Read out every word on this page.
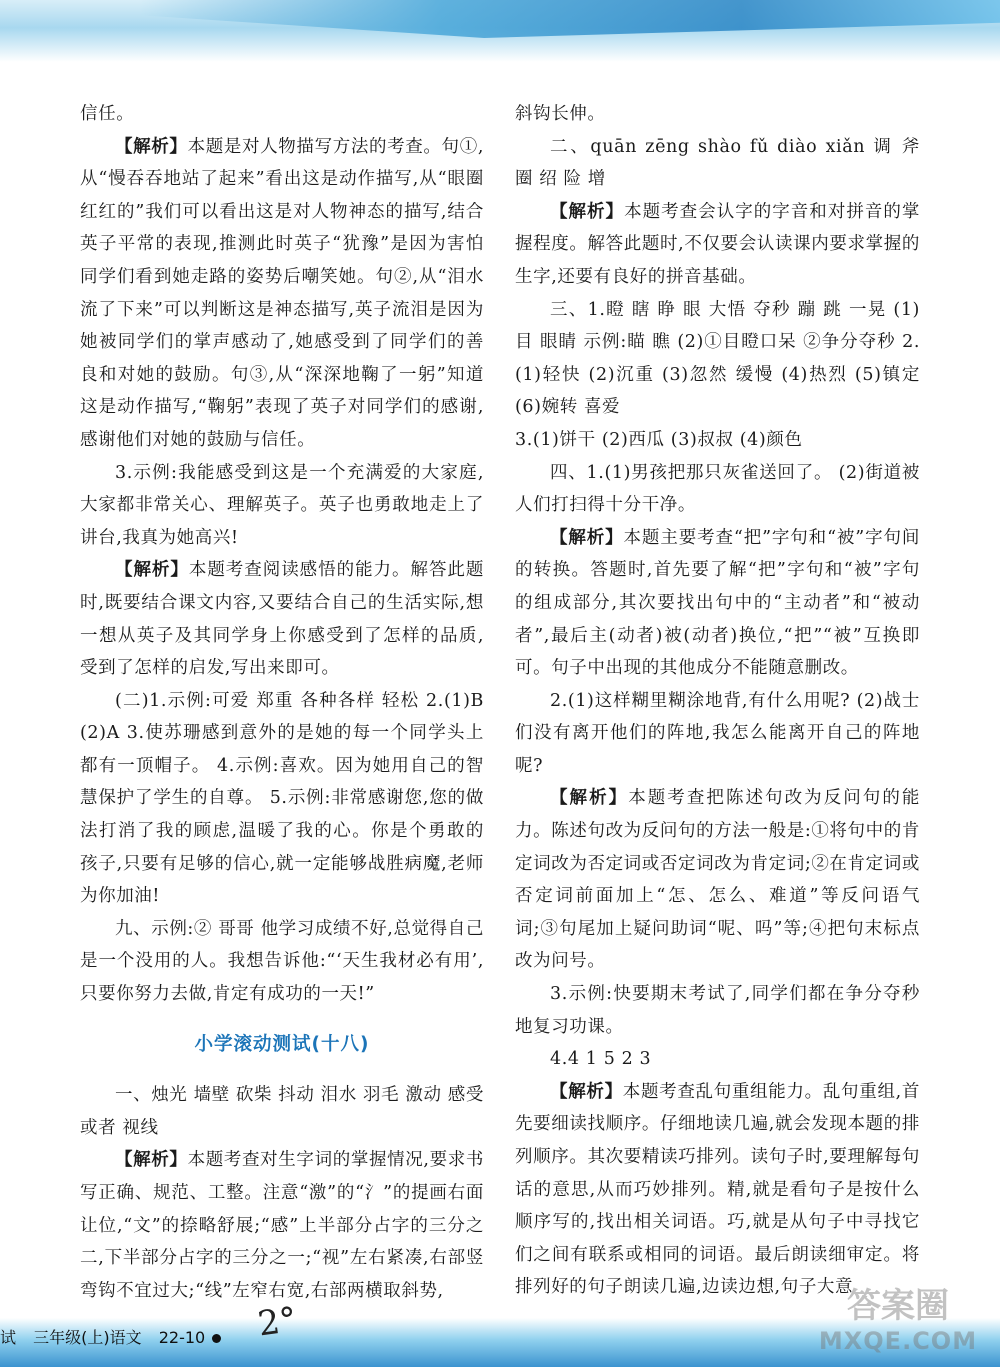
信任。

【解析】本题是对人物描写方法的考查。句①,从“慢吞吞地站了起来”看出这是动作描写,从“眼圈红红的”我们可以看出这是对人物神态的描写,结合英子平常的表现,推测此时英子“犹豫”是因为害怕同学们看到她走路的姿势后嘲笑她。句②,从“泪水流了下来”可以判断这是神态描写,英子流泪是因为她被同学们的掌声感动了,她感受到了同学们的善良和对她的鼓励。句③,从“深深地鞠了一躬”知道这是动作描写,“鞠躬”表现了英子对同学们的感谢,感谢他们对她的鼓励与信任。

3.示例:我能感受到这是一个充满爱的大家庭,大家都非常关心、理解英子。英子也勇敢地走上了讲台,我真为她高兴!

【解析】本题考查阅读感悟的能力。解答此题时,既要结合课文内容,又要结合自己的生活实际,想一想从英子及其同学身上你感受到了怎样的品质,受到了怎样的启发,写出来即可。

(二)1.示例:可爱 郑重 各种各样 轻松 2.(1)B (2)A 3.使苏珊感到意外的是她的每一个同学头上都有一顶帽子。 4.示例:喜欢。因为她用自己的智慧保护了学生的自尊。 5.示例:非常感谢您,您的做法打消了我的顾虑,温暖了我的心。你是个勇敢的孩子,只要有足够的信心,就一定能够战胜病魔,老师为你加油!

九、示例:② 哥哥 他学习成绩不好,总觉得自己是一个没用的人。我想告诉他:“‘天生我材必有用’,只要你努力去做,肯定有成功的一天!”

小学滚动测试(十八)

一、烛光 墙壁 砍柴 抖动 泪水 羽毛 激动 感受 或者 视线

【解析】本题考查对生字词的掌握情况,要求书写正确、规范、工整。注意“激”的“氵”的提画右面让位,“文”的捺略舒展;“感”上半部分占字的三分之二,下半部分占字的三分之一;“视”左右紧凑,右部竖弯钩不宜过大;“线”左窄右宽,右部两横取斜势,

斜钩长伸。

二、quān zēng shào fǔ diào xiǎn 调 斧 圈 绍 险 增

【解析】本题考查会认字的字音和对拼音的掌握程度。解答此题时,不仅要会认读课内要求掌握的生字,还要有良好的拼音基础。

三、1.瞪 瞎 睁 眼 大悟 夺秒 蹦 跳 一晃 (1)目 眼睛 示例:瞄 瞧 (2)①目瞪口呆 ②争分夺秒 2.(1)轻快 (2)沉重 (3)忽然 缓慢 (4)热烈 (5)镇定 (6)婉转 喜爱

3.(1)饼干 (2)西瓜 (3)叔叔 (4)颜色

四、1.(1)男孩把那只灰雀送回了。 (2)街道被人们打扫得十分干净。

【解析】本题主要考查“把”字句和“被”字句间的转换。答题时,首先要了解“把”字句和“被”字句的组成部分,其次要找出句中的“主动者”和“被动者”,最后主(动者)被(动者)换位,“把”“被”互换即可。句子中出现的其他成分不能随意删改。

2.(1)这样糊里糊涂地背,有什么用呢? (2)战士们没有离开他们的阵地,我怎么能离开自己的阵地呢?

【解析】本题考查把陈述句改为反问句的能力。陈述句改为反问句的方法一般是:①将句中的肯定词改为否定词或否定词改为肯定词;②在肯定词或否定词前面加上“怎、怎么、难道”等反问语气词;③句尾加上疑问助词“呢、吗”等;④把句末标点改为问号。

3.示例:快要期末考试了,同学们都在争分夺秒地复习功课。

4.4 1 5 2 3

【解析】本题考查乱句重组能力。乱句重组,首先要细读找顺序。仔细地读几遍,就会发现本题的排列顺序。其次要精读巧排列。读句子时,要理解每句话的意思,从而巧妙排列。精,就是看句子是按什么顺序写的,找出相关词语。巧,就是从句子中寻找它们之间有联系或相同的词语。最后朗读细审定。将排列好的句子朗读几遍,边读边想,句子大意

试 三年级(上)语文 22-10	2°	答案圈
MXQE.COM
